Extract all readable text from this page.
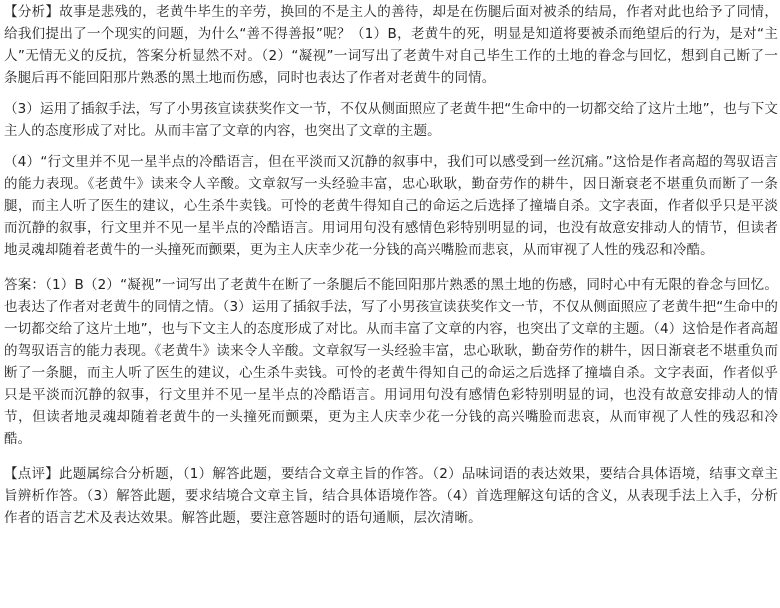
【分析】故事是悲残的，老黄牛毕生的辛劳，换回的不是主人的善待，却是在伤腿后面对被杀的结局，作者对此也给予了同情，给我们提出了一个现实的问题，为什么“善不得善报”呢？（1）B，老黄牛的死，明显是知道将要被杀而绝望后的行为，是对“主人”无情无义的反抗，答案分析显然不对。（2）“凝视”一词写出了老黄牛对自己毕生工作的土地的眷念与回忆，想到自己断了一条腿后再不能回阳那片熟悉的黑土地而伤感，同时也表达了作者对老黄牛的同情。

（3）运用了插叙手法，写了小男孩宣读获奖作文一节，不仅从侧面照应了老黄牛把“生命中的一切都交给了这片土地”，也与下文主人的态度形成了对比。从而丰富了文章的内容，也突出了文章的主题。

（4）“行文里并不见一星半点的冷酷语言，但在平淡而又沉静的叙事中，我们可以感受到一丝沉痛。”这恰是作者高超的驾驭语言的能力表现。《老黄牛》读来令人辛酸。文章叙写一头经验丰富，忠心耿耿，勤奋劳作的耕牛，因日渐衰老不堪重负而断了一条腿，而主人听了医生的建议，心生杀牛卖钱。可怜的老黄牛得知自己的命运之后选择了撞墙自杀。文字表面，作者似乎只是平淡而沉静的叙事，行文里并不见一星半点的冷酷语言。用词用句没有感情色彩特别明显的词，也没有故意安排动人的情节，但读者地灵魂却随着老黄牛的一头撞死而颤栗，更为主人庆幸少花一分钱的高兴嘴脸而悲哀，从而审视了人性的残忍和冷酷。

答案：（1）B（2）“凝视”一词写出了老黄牛在断了一条腿后不能回阳那片熟悉的黑土地的伤感，同时心中有无限的眷念与回忆。也表达了作者对老黄牛的同情之情。（3）运用了插叙手法，写了小男孩宣读获奖作文一节，不仅从侧面照应了老黄牛把“生命中的一切都交给了这片土地”，也与下文主人的态度形成了对比。从而丰富了文章的内容，也突出了文章的主题。（4）这恰是作者高超的驾驭语言的能力表现。《老黄牛》读来令人辛酸。文章叙写一头经验丰富，忠心耿耿，勤奋劳作的耕牛，因日渐衰老不堪重负而断了一条腿，而主人听了医生的建议，心生杀牛卖钱。可怜的老黄牛得知自己的命运之后选择了撞墙自杀。文字表面，作者似乎只是平淡而沉静的叙事，行文里并不见一星半点的冷酷语言。用词用句没有感情色彩特别明显的词，也没有故意安排动人的情节，但读者地灵魂却随着老黄牛的一头撞死而颤栗，更为主人庆幸少花一分钱的高兴嘴脸而悲哀，从而审视了人性的残忍和冷酷。

【点评】此题属综合分析题，（1）解答此题，要结合文章主旨的作答。（2）品味词语的表达效果，要结合具体语境，结事文章主旨辨析作答。（3）解答此题，要求结境合文章主旨，结合具体语境作答。（4）首选理解这句话的含义，从表现手法上入手，分析作者的语言艺术及表达效果。解答此题，要注意答题时的语句通顺，层次清晰。
